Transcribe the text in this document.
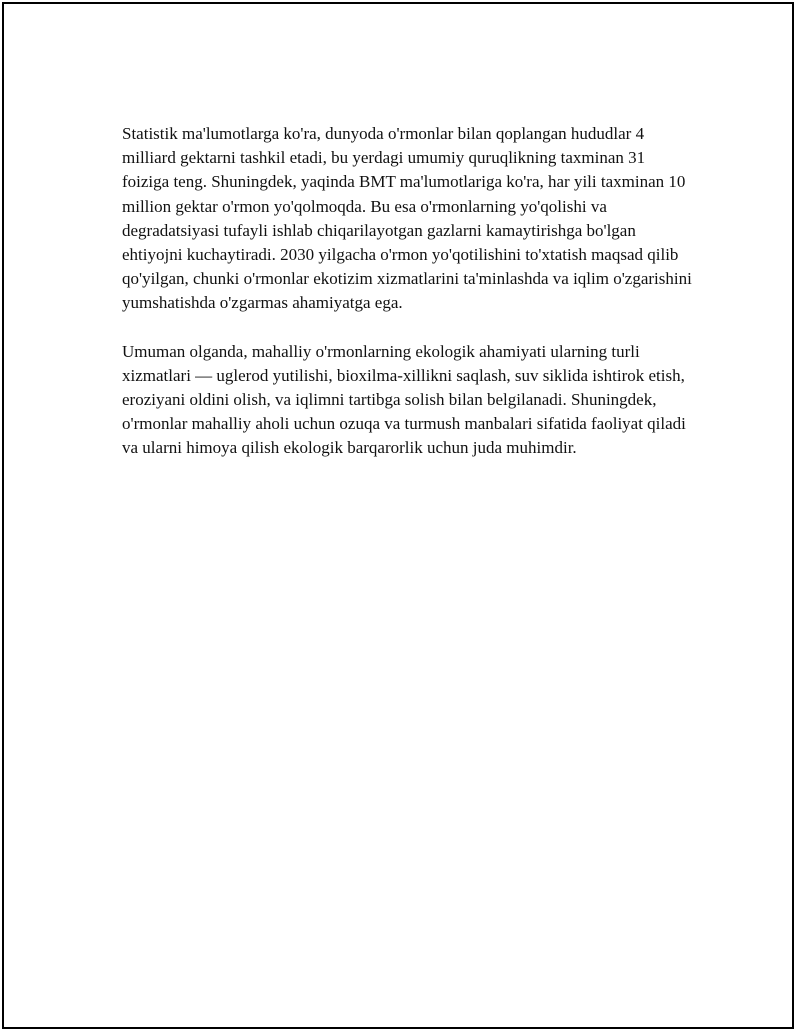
Statistik ma'lumotlarga ko'ra, dunyoda o'rmonlar bilan qoplangan hududlar 4 milliard gektarni tashkil etadi, bu yerdagi umumiy quruqlikning taxminan 31 foiziga teng. Shuningdek, yaqinda BMT ma'lumotlariga ko'ra, har yili taxminan 10 million gektar o'rmon yo'qolmoqda. Bu esa o'rmonlarning yo'qolishi va degradatsiyasi tufayli ishlab chiqarilayotgan gazlarni kamaytirishga bo'lgan ehtiyojni kuchaytiradi. 2030 yilgacha o'rmon yo'qotilishini to'xtatish maqsad qilib qo'yilgan, chunki o'rmonlar ekotizim xizmatlarini ta'minlashda va iqlim o'zgarishini yumshatishda o'zgarmas ahamiyatga ega.

Umuman olganda, mahalliy o'rmonlarning ekologik ahamiyati ularning turli xizmatlari — uglerod yutilishi, bioxilma-xillikni saqlash, suv siklida ishtirok etish, eroziyani oldini olish, va iqlimni tartibga solish bilan belgilanadi. Shuningdek, o'rmonlar mahalliy aholi uchun ozuqa va turmush manbalari sifatida faoliyat qiladi va ularni himoya qilish ekologik barqarorlik uchun juda muhimdir.
